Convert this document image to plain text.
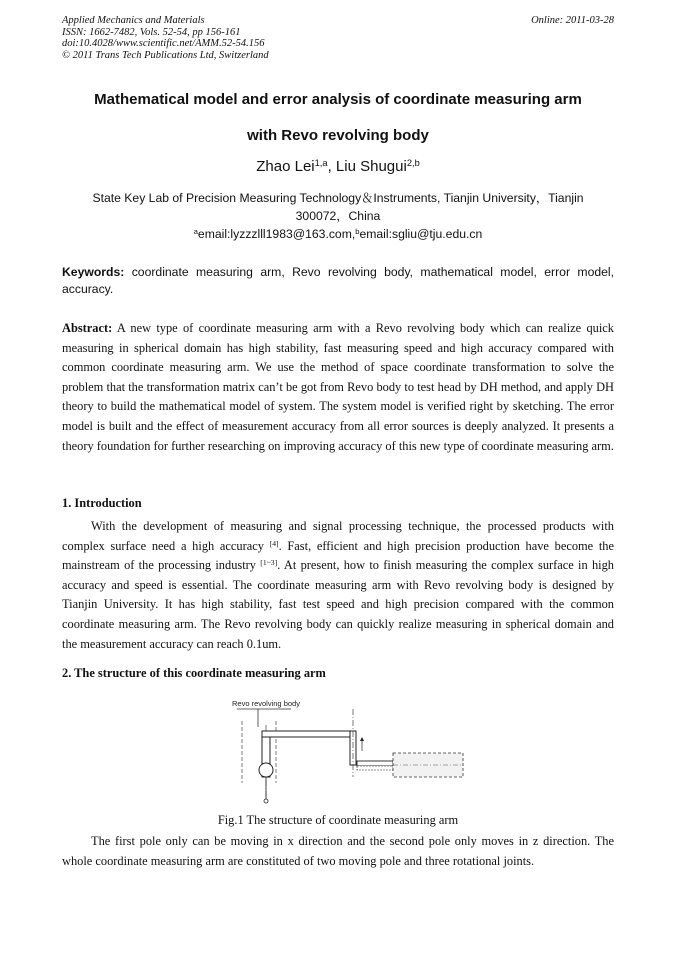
Applied Mechanics and Materials
ISSN: 1662-7482, Vols. 52-54, pp 156-161
doi:10.4028/www.scientific.net/AMM.52-54.156
© 2011 Trans Tech Publications Ltd, Switzerland
Online: 2011-03-28
Mathematical model and error analysis of coordinate measuring arm
with Revo revolving body
Zhao Lei$^{1,a}$, Liu Shugui$^{2,b}$
State Key Lab of Precision Measuring Technology＆Instruments, Tianjin University，Tianjin
300072，China
$^a$email:lyzzzlll1983@163.com,$^b$email:sgliu@tju.edu.cn
Keywords: coordinate measuring arm, Revo revolving body, mathematical model, error model, accuracy.
Abstract: A new type of coordinate measuring arm with a Revo revolving body which can realize quick measuring in spherical domain has high stability, fast measuring speed and high accuracy compared with common coordinate measuring arm. We use the method of space coordinate transformation to solve the problem that the transformation matrix can’t be got from Revo body to test head by DH method, and apply DH theory to build the mathematical model of system. The system model is verified right by sketching. The error model is built and the effect of measurement accuracy from all error sources is deeply analyzed. It presents a theory foundation for further researching on improving accuracy of this new type of coordinate measuring arm.
1. Introduction
With the development of measuring and signal processing technique, the processed products with complex surface need a high accuracy [4]. Fast, efficient and high precision production have become the mainstream of the processing industry [1~3]. At present, how to finish measuring the complex surface in high accuracy and speed is essential. The coordinate measuring arm with Revo revolving body is designed by Tianjin University. It has high stability, fast test speed and high precision compared with the common coordinate measuring arm. The Revo revolving body can quickly realize measuring in spherical domain and the measurement accuracy can reach 0.1um.
2. The structure of this coordinate measuring arm
Revo revolving body
Fig.1 The structure of coordinate measuring arm
The first pole only can be moving in x direction and the second pole only moves in z direction. The whole coordinate measuring arm are constituted of two moving pole and three rotational joints.
